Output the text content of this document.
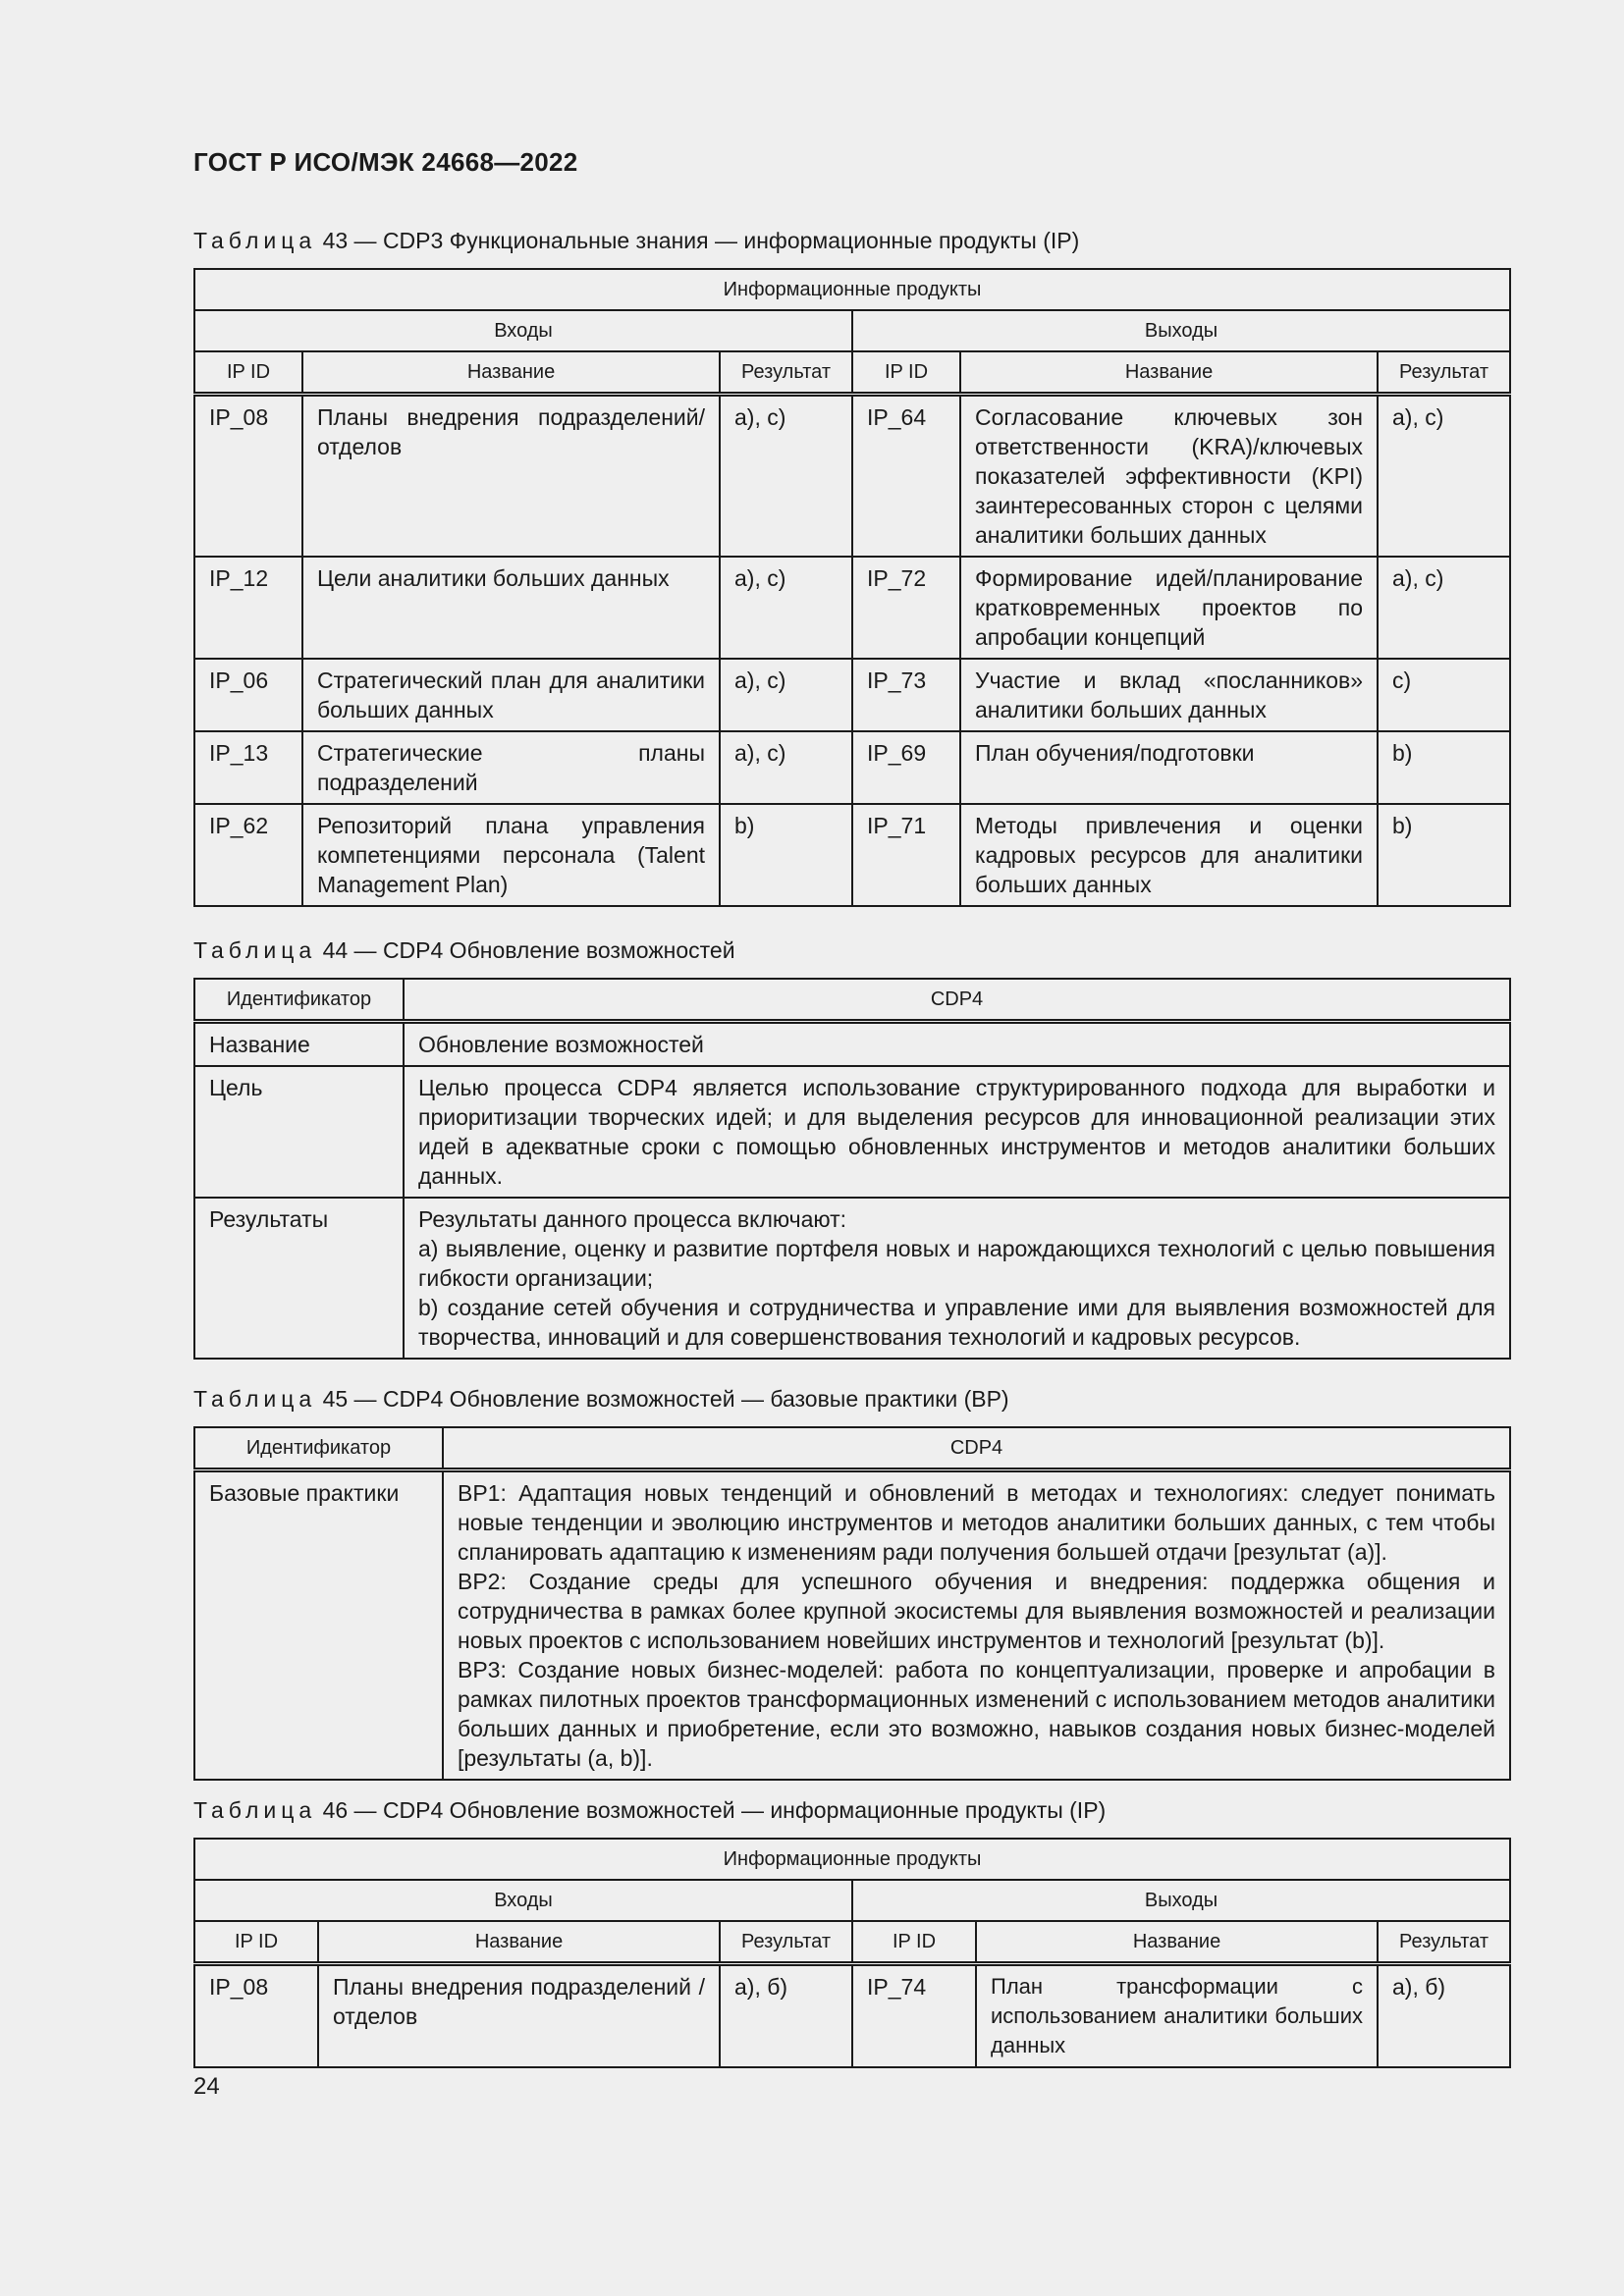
ГОСТ Р ИСО/МЭК 24668—2022
Таблица 43 — CDP3 Функциональные знания — информационные продукты (IP)
Информационные продукты					
Входы			Выходы		
IP ID	Название	Результат	IP ID	Название	Результат
IP_08	Планы внедрения подразделений/отделов	a), c)	IP_64	Согласование ключевых зон ответственности (KRA)/ключевых показателей эффективности (KPI) заинтересованных сторон с целями аналитики больших данных	a), c)
IP_12	Цели аналитики больших данных	a), c)	IP_72	Формирование идей/планирование кратковременных проектов по апробации концепций	a), c)
IP_06	Стратегический план для аналитики больших данных	a), c)	IP_73	Участие и вклад «посланников» аналитики больших данных	c)
IP_13	Стратегические планы подразделений	a), c)	IP_69	План обучения/подготовки	b)
IP_62	Репозиторий плана управления компетенциями персонала (Talent Management Plan)	b)	IP_71	Методы привлечения и оценки кадровых ресурсов для аналитики больших данных	b)
Таблица 44 — CDP4 Обновление возможностей
Идентификатор	CDP4
Название	Обновление возможностей
Цель	Целью процесса CDP4 является использование структурированного подхода для выработки и приоритизации творческих идей; и для выделения ресурсов для инновационной реализации этих идей в адекватные сроки с помощью обновленных инструментов и методов аналитики больших данных.
Результаты	Результаты данного процесса включают:
a) выявление, оценку и развитие портфеля новых и нарождающихся технологий с целью повышения гибкости организации;
b) создание сетей обучения и сотрудничества и управление ими для выявления возможностей для творчества, инноваций и для совершенствования технологий и кадровых ресурсов.
Таблица 45 — CDP4 Обновление возможностей — базовые практики (BP)
Идентификатор	CDP4
Базовые практики	BP1: Адаптация новых тенденций и обновлений в методах и технологиях: следует понимать новые тенденции и эволюцию инструментов и методов аналитики больших данных, с тем чтобы спланировать адаптацию к изменениям ради получения большей отдачи [результат (a)].
BP2: Создание среды для успешного обучения и внедрения: поддержка общения и сотрудничества в рамках более крупной экосистемы для выявления возможностей и реализации новых проектов с использованием новейших инструментов и технологий [результат (b)].
BP3: Создание новых бизнес-моделей: работа по концептуализации, проверке и апробации в рамках пилотных проектов трансформационных изменений с использованием методов аналитики больших данных и приобретение, если это возможно, навыков создания новых бизнес-моделей [результаты (a, b)].
Таблица 46 — CDP4 Обновление возможностей — информационные продукты (IP)
Информационные продукты					
Входы			Выходы		
IP ID	Название	Результат	IP ID	Название	Результат
IP_08	Планы внедрения подразделений / отделов	a), б)	IP_74	План трансформации с использованием аналитики больших данных	a), б)
24
